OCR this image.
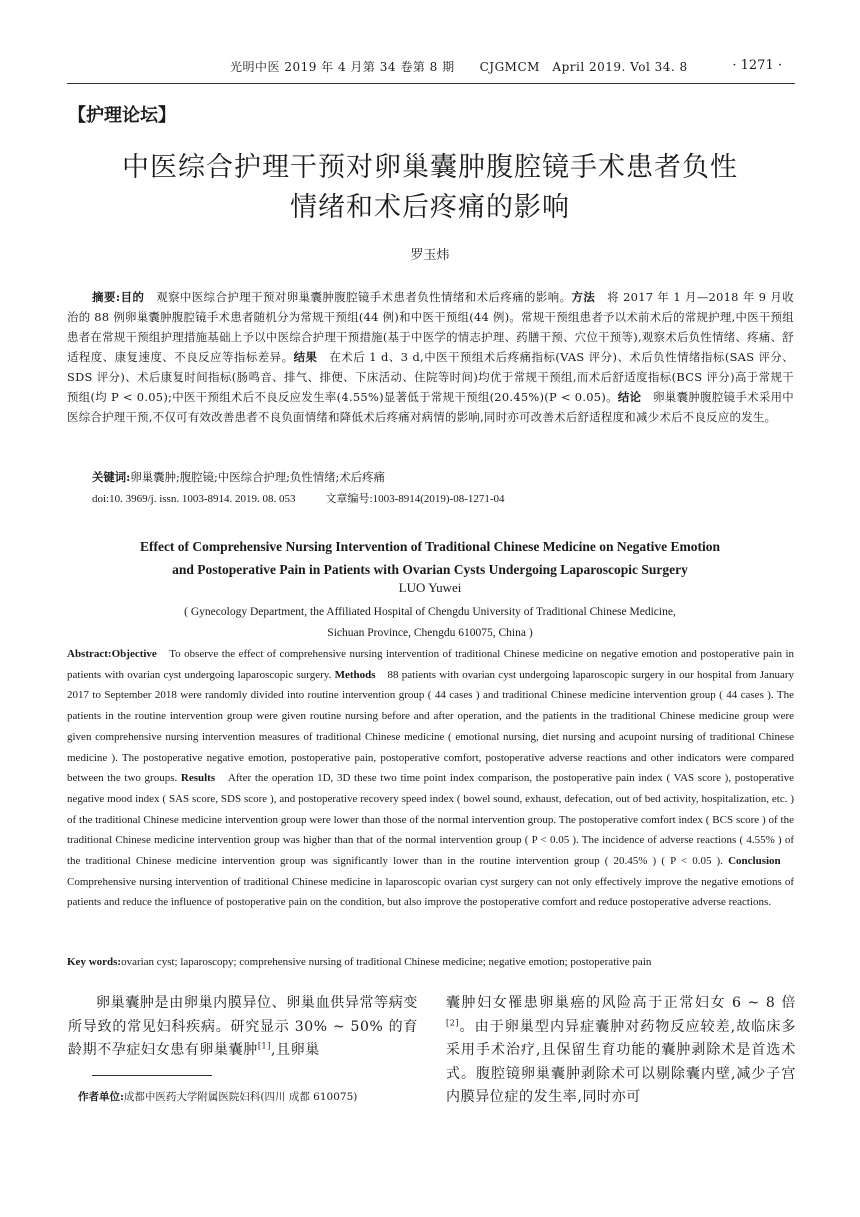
光明中医 2019 年 4 月第 34 卷第 8 期　　CJGMCM　April 2019. Vol 34. 8	· 1271 ·
【护理论坛】
中医综合护理干预对卵巢囊肿腹腔镜手术患者负性
情绪和术后疼痛的影响
罗玉炜
摘要:目的　观察中医综合护理干预对卵巢囊肿腹腔镜手术患者负性情绪和术后疼痛的影响。方法　将 2017 年 1 月—2018 年 9 月收治的 88 例卵巢囊肿腹腔镜手术患者随机分为常规干预组(44 例)和中医干预组(44 例)。常规干预组患者予以术前术后的常规护理,中医干预组患者在常规干预组护理措施基础上予以中医综合护理干预措施(基于中医学的情志护理、药膳干预、穴位干预等),观察术后负性情绪、疼痛、舒适程度、康复速度、不良反应等指标差异。结果　在术后 1 d、3 d,中医干预组术后疼痛指标(VAS 评分)、术后负性情绪指标(SAS 评分、SDS 评分)、术后康复时间指标(肠鸣音、排气、排便、下床活动、住院等时间)均优于常规干预组,而术后舒适度指标(BCS 评分)高于常规干预组(均 P < 0.05);中医干预组术后不良反应发生率(4.55%)显著低于常规干预组(20.45%)(P < 0.05)。结论　卵巢囊肿腹腔镜手术采用中医综合护理干预,不仅可有效改善患者不良负面情绪和降低术后疼痛对病情的影响,同时亦可改善术后舒适程度和减少术后不良反应的发生。
关键词:卵巢囊肿;腹腔镜;中医综合护理;负性情绪;术后疼痛
doi:10. 3969/j. issn. 1003-8914. 2019. 08. 053	文章编号:1003-8914(2019)-08-1271-04
Effect of Comprehensive Nursing Intervention of Traditional Chinese Medicine on Negative Emotion
and Postoperative Pain in Patients with Ovarian Cysts Undergoing Laparoscopic Surgery
LUO Yuwei
( Gynecology Department, the Affiliated Hospital of Chengdu University of Traditional Chinese Medicine,
Sichuan Province, Chengdu 610075, China )
Abstract:Objective　To observe the effect of comprehensive nursing intervention of traditional Chinese medicine on negative emotion and postoperative pain in patients with ovarian cyst undergoing laparoscopic surgery. Methods　88 patients with ovarian cyst undergoing laparoscopic surgery in our hospital from January 2017 to September 2018 were randomly divided into routine intervention group ( 44 cases ) and traditional Chinese medicine intervention group ( 44 cases ). The patients in the routine intervention group were given routine nursing before and after operation, and the patients in the traditional Chinese medicine group were given comprehensive nursing intervention measures of traditional Chinese medicine ( emotional nursing, diet nursing and acupoint nursing of traditional Chinese medicine ). The postoperative negative emotion, postoperative pain, postoperative comfort, postoperative adverse reactions and other indicators were compared between the two groups. Results　After the operation 1D, 3D these two time point index comparison, the postoperative pain index ( VAS score ), postoperative negative mood index ( SAS score, SDS score ), and postoperative recovery speed index ( bowel sound, exhaust, defecation, out of bed activity, hospitalization, etc. ) of the traditional Chinese medicine intervention group were lower than those of the normal intervention group. The postoperative comfort index ( BCS score ) of the traditional Chinese medicine intervention group was higher than that of the normal intervention group ( P < 0.05 ). The incidence of adverse reactions ( 4.55% ) of the traditional Chinese medicine intervention group was significantly lower than in the routine intervention group ( 20.45% ) ( P < 0.05 ). Conclusion　Comprehensive nursing intervention of traditional Chinese medicine in laparoscopic ovarian cyst surgery can not only effectively improve the negative emotions of patients and reduce the influence of postoperative pain on the condition, but also improve the postoperative comfort and reduce postoperative adverse reactions.
Key words:ovarian cyst; laparoscopy; comprehensive nursing of traditional Chinese medicine; negative emotion; postoperative pain

卵巢囊肿是由卵巢内膜异位、卵巢血供异常等病变所导致的常见妇科疾病。研究显示 30% ~ 50% 的育龄期不孕症妇女患有卵巢囊肿[1],且卵巢

囊肿妇女罹患卵巢癌的风险高于正常妇女 6 ~ 8 倍[2]。由于卵巢型内异症囊肿对药物反应较差,故临床多采用手术治疗,且保留生育功能的囊肿剥除术是首选术式。腹腔镜卵巢囊肿剥除术可以剔除囊内壁,减少子宫内膜异位症的发生率,同时亦可

作者单位:成都中医药大学附属医院妇科(四川 成都 610075)
